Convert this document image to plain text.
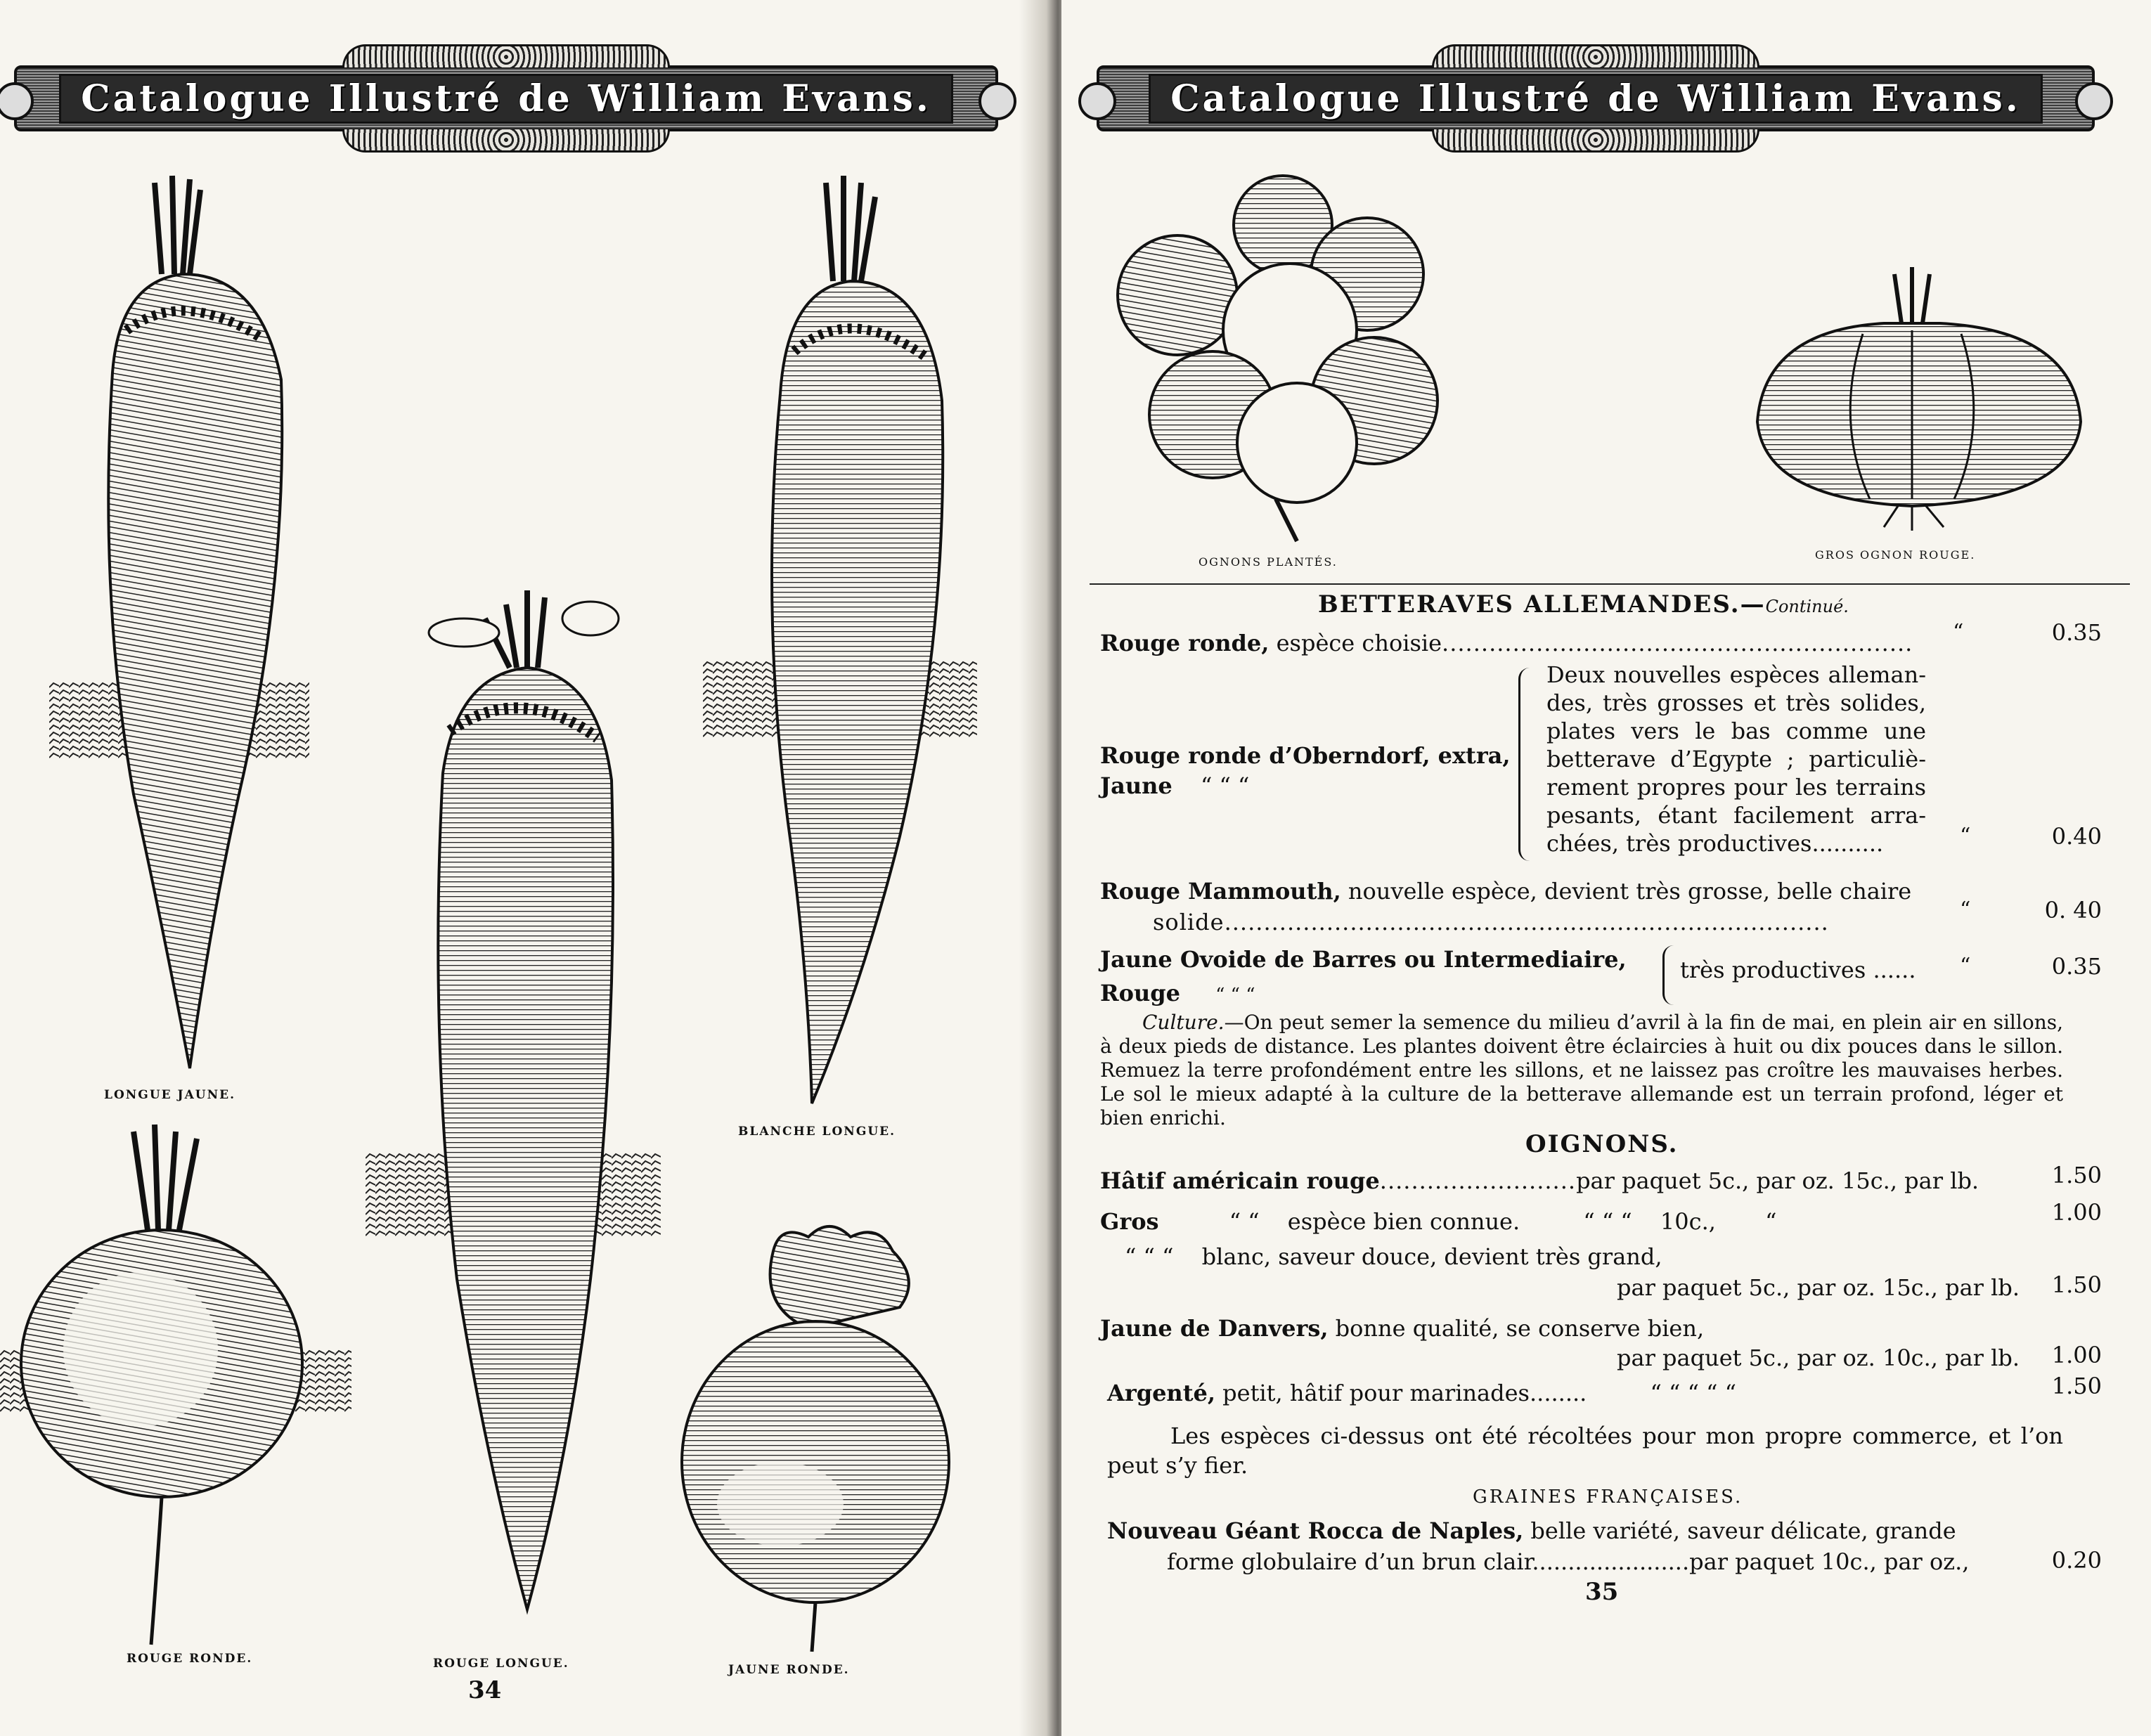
Catalogue Illustré de William Evans.
LONGUE JAUNE.
BLANCHE LONGUE.
ROUGE LONGUE.
ROUGE RONDE.
JAUNE RONDE.
34
Catalogue Illustré de William Evans.
OGNONS PLANTÉS.
GROS OGNON ROUGE.
BETTERAVES ALLEMANDES.—Continué.
Rouge ronde, espèce choisie............................................................ “	0.35
Rouge ronde d’Oberndorf, extra,
Jaune “ “ “
Deux nouvelles espèces allemandes, très grosses et très solides, plates vers le bas comme une betterave d’Egypte ; particulièrement propres pour les terrains pesants, étant facilement arrachées, très productives..........	“	0.40
Rouge Mammouth, nouvelle espèce, devient très grosse, belle chaire
solide.............................................................................	“	0. 40
Jaune Ovoide de Barres ou Intermediaire,
Rouge “ “ “
très productives ...... “	0.35
Culture.—On peut semer la semence du milieu d’avril à la fin de mai, en plein air en sillons, à deux pieds de distance. Les plantes doivent être éclaircies à huit ou dix pouces dans le sillon. Remuez la terre profondément entre les sillons, et ne laissez pas croître les mauvaises herbes. Le sol le mieux adapté à la culture de la betterave allemande est un terrain profond, léger et bien enrichi.
OIGNONS.
Hâtif américain rouge.........................par paquet 5c., par oz. 15c., par lb.	1.50
Gros	“ “ espèce bien connue.	“ “ “ 10c., “	1.00
“ “ “ blanc, saveur douce, devient très grand,
par paquet 5c., par oz. 15c., par lb.	1.50
Jaune de Danvers, bonne qualité, se conserve bien,
par paquet 5c., par oz. 10c., par lb.	1.00
Argenté, petit, hâtif pour marinades........	“ “ “ “ “	1.50
Les espèces ci-dessus ont été récoltées pour mon propre commerce, et l’on peut s’y fier.
GRAINES FRANÇAISES.
Nouveau Géant Rocca de Naples, belle variété, saveur délicate, grande
forme globulaire d’un brun clair......................par paquet 10c., par oz.,	0.20
35
